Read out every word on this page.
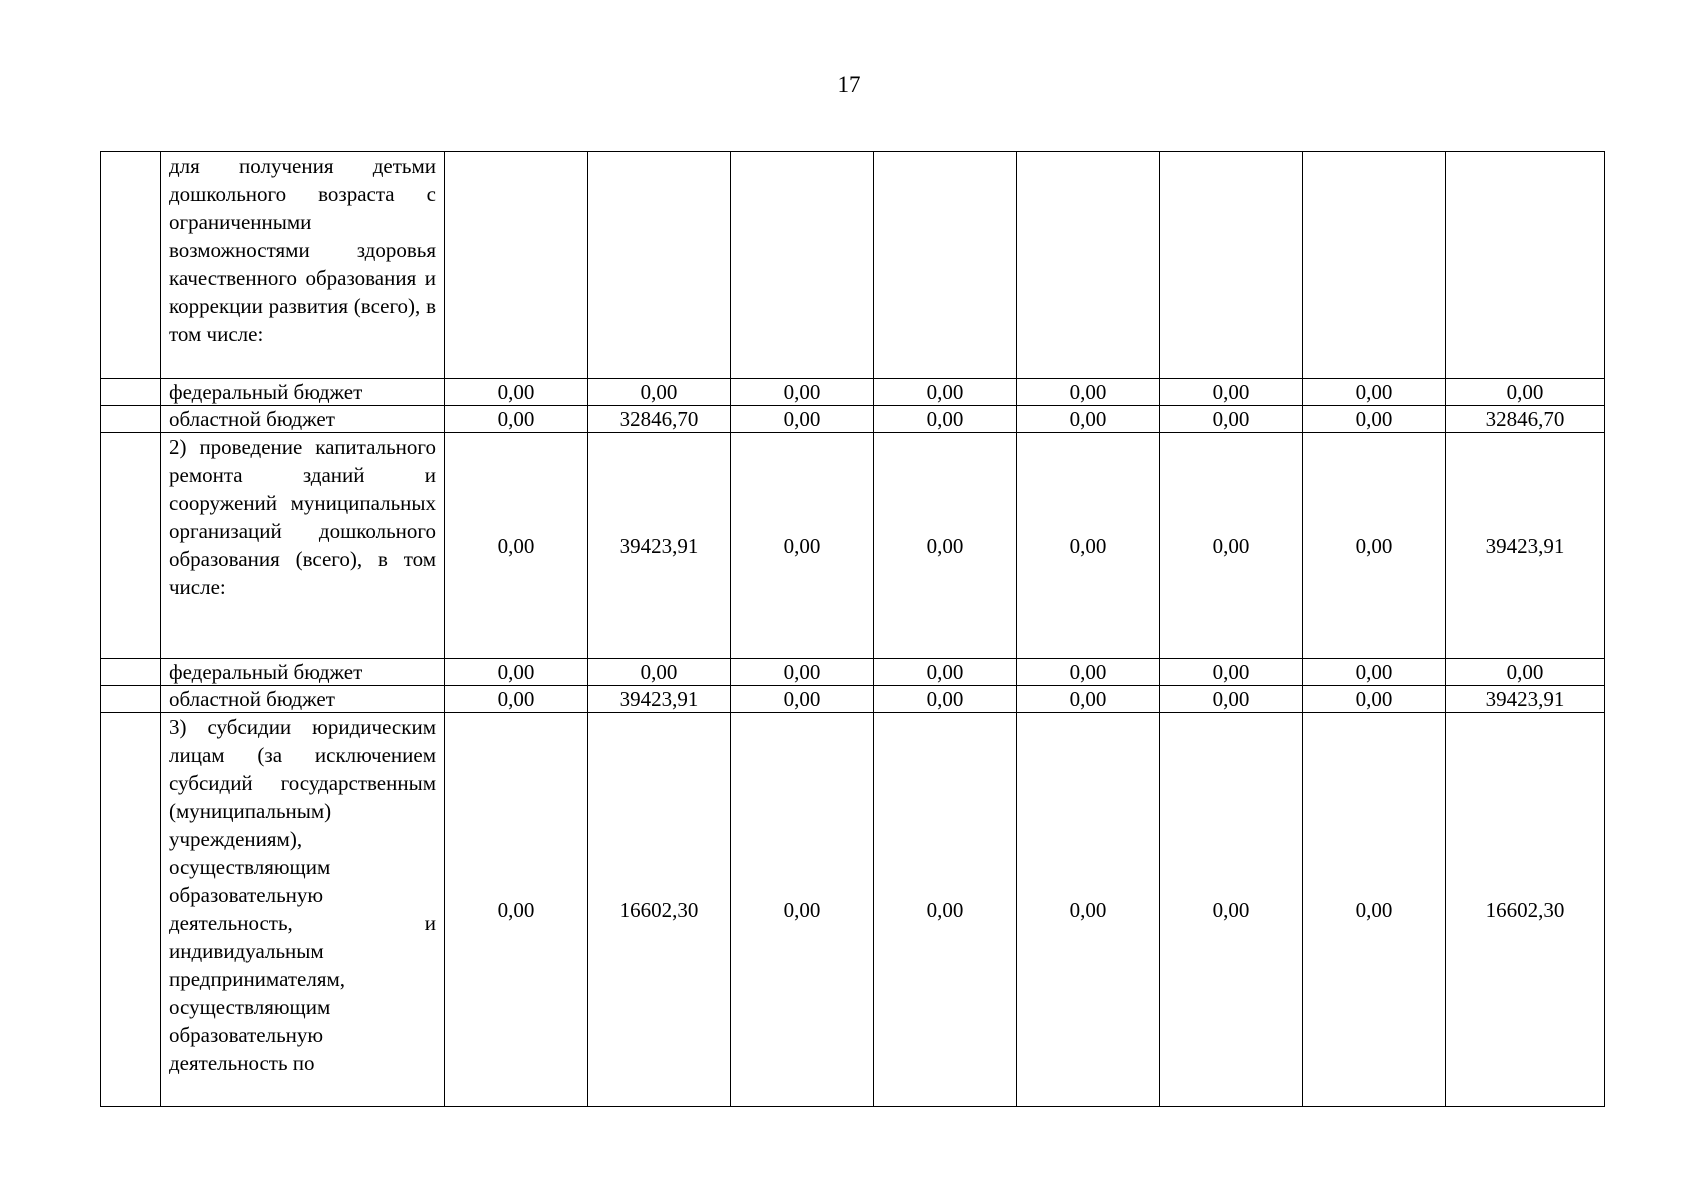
17
	для получения детьми дошкольного возраста с ограниченными возможностями здоровья качественного образования и коррекции развития (всего), в том числе:								
	федеральный бюджет	0,00	0,00	0,00	0,00	0,00	0,00	0,00	0,00
	областной бюджет	0,00	32846,70	0,00	0,00	0,00	0,00	0,00	32846,70
	2) проведение капитального ремонта зданий и сооружений муниципальных организаций дошкольного образования (всего), в том числе:	0,00	39423,91	0,00	0,00	0,00	0,00	0,00	39423,91
	федеральный бюджет	0,00	0,00	0,00	0,00	0,00	0,00	0,00	0,00
	областной бюджет	0,00	39423,91	0,00	0,00	0,00	0,00	0,00	39423,91
	3) субсидии юридическим лицам (за исключением субсидий государственным (муниципальным) учреждениям), осуществляющим образовательную деятельность, и индивидуальным предпринимателям, осуществляющим образовательную деятельность по	0,00	16602,30	0,00	0,00	0,00	0,00	0,00	16602,30
